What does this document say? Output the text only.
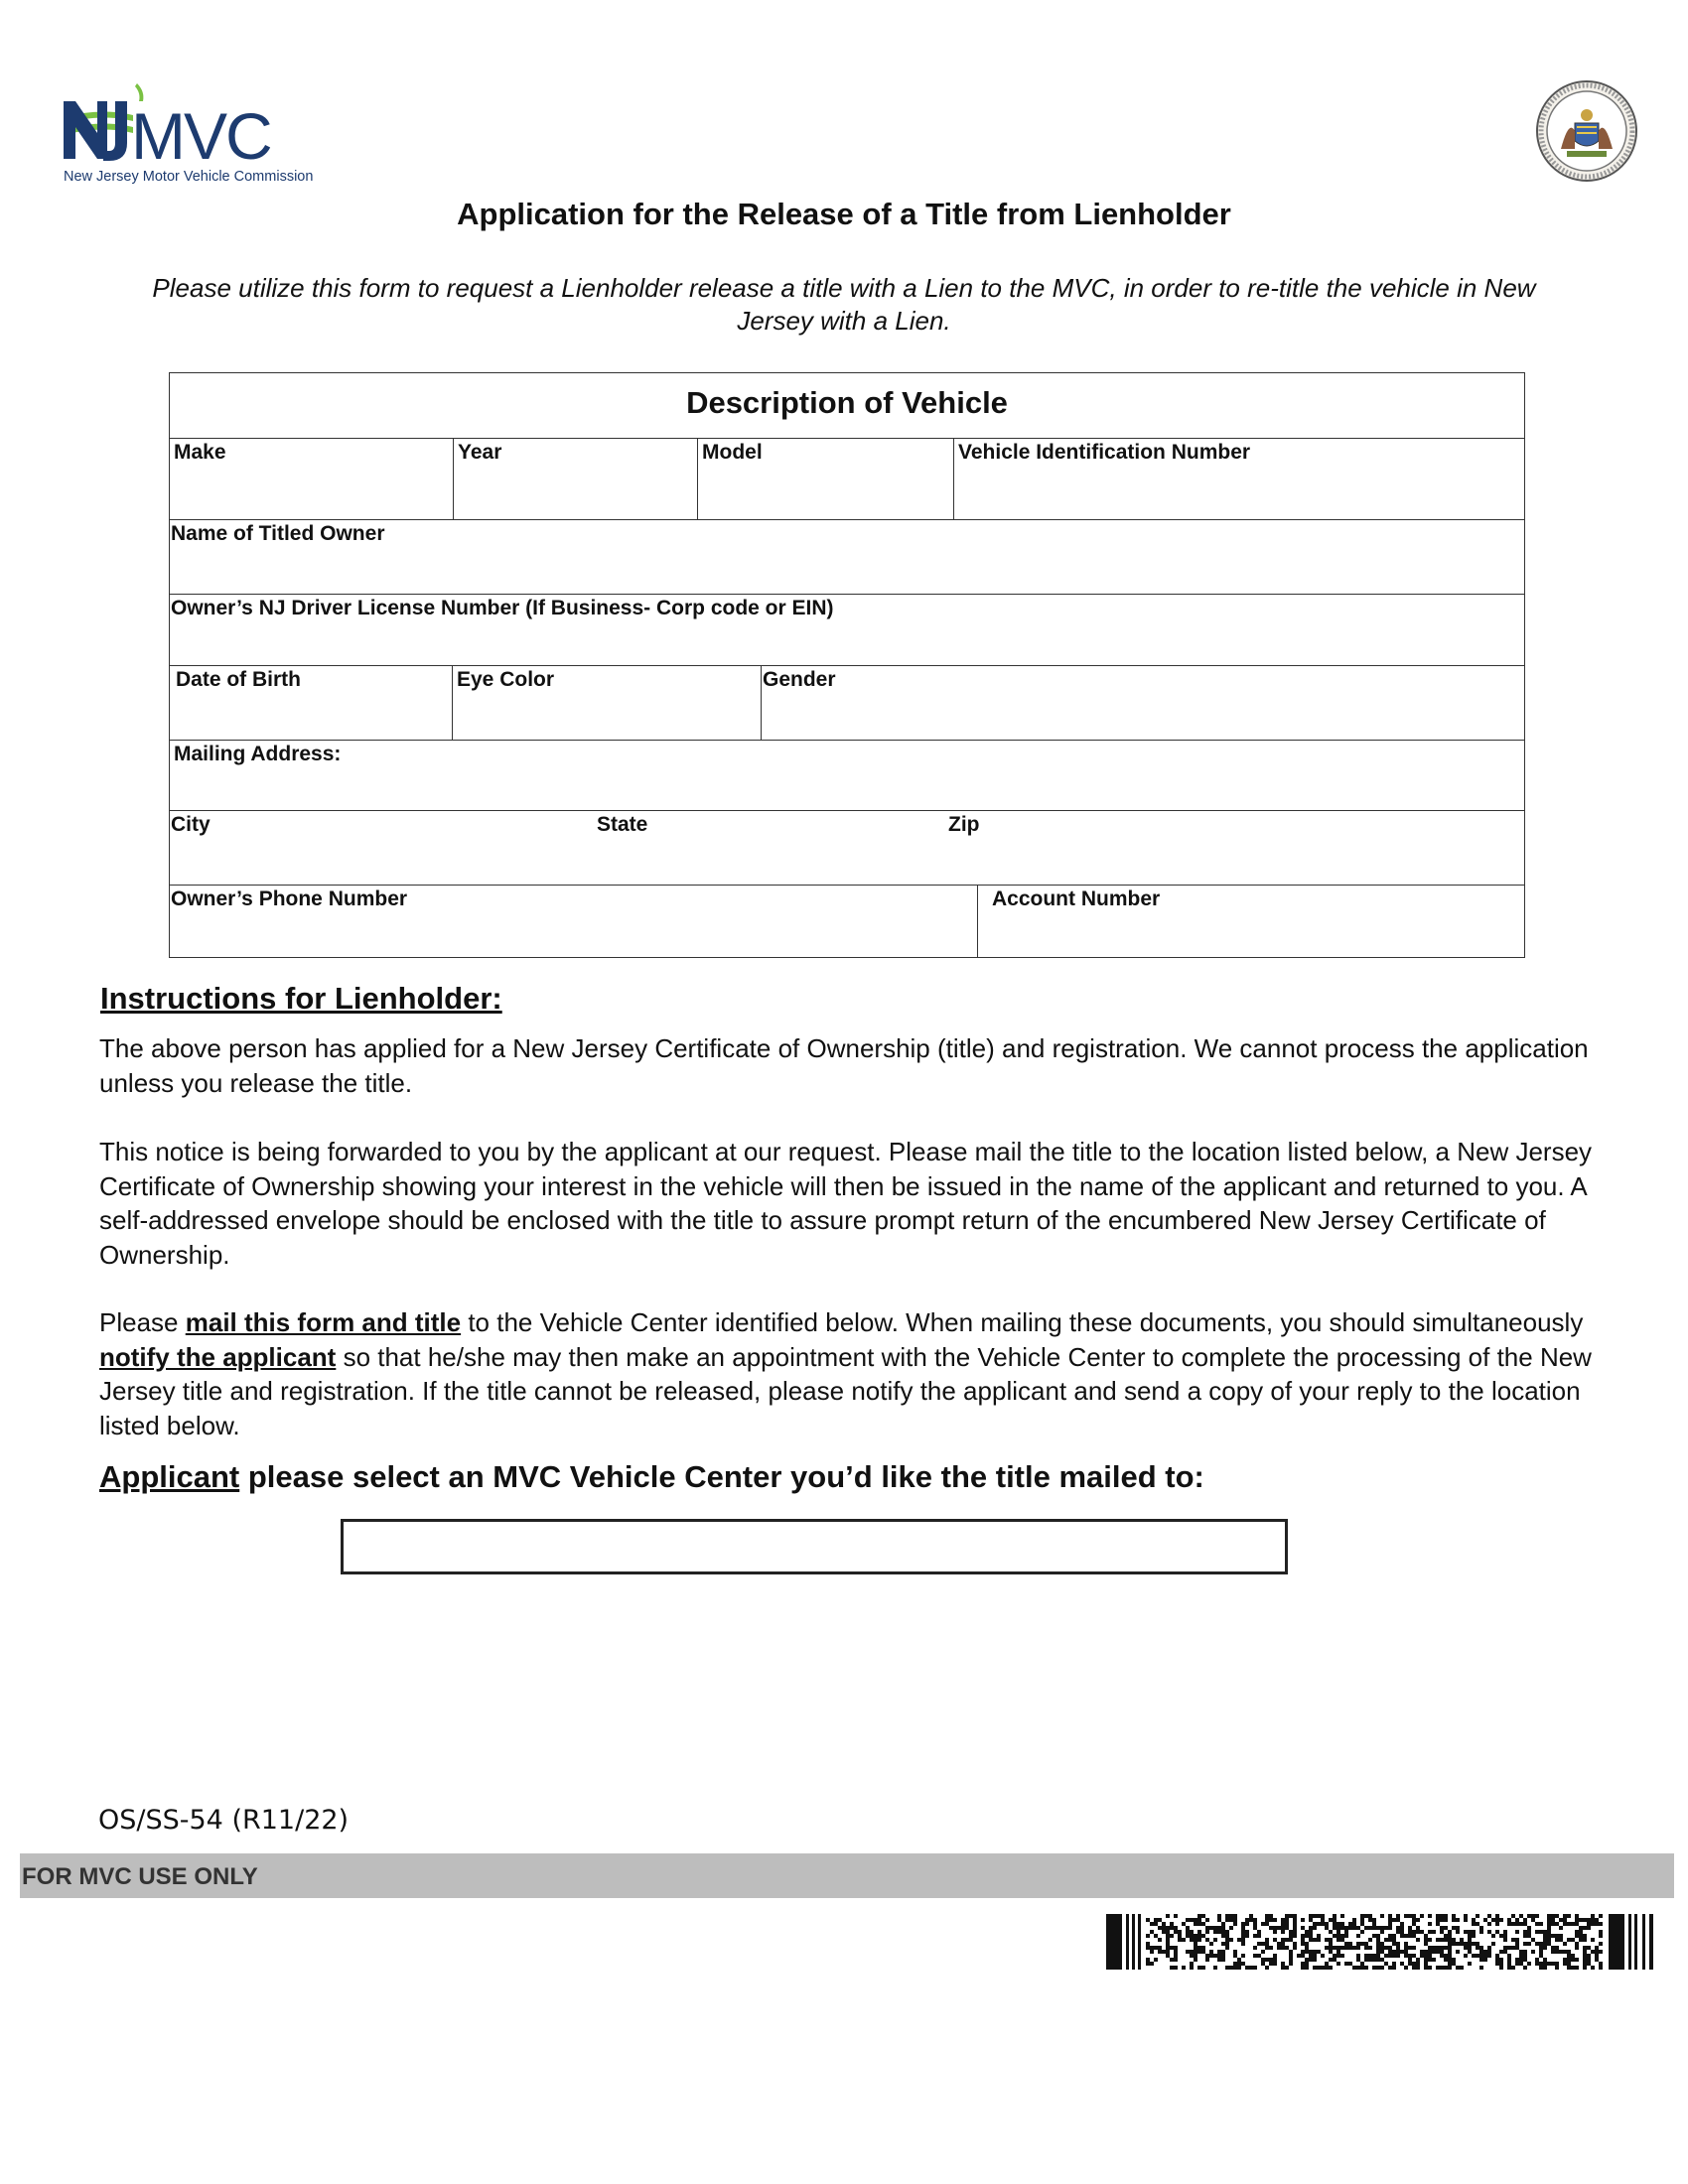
MVC
New Jersey Motor Vehicle Commission
Application for the Release of a Title from Lienholder
Please utilize this form to request a Lienholder release a title with a Lien to the MVC, in order to re-title the vehicle in New Jersey with a Lien.
Description of Vehicle
Make	Year	Model	Vehicle Identification Number
Name of Titled Owner
Owner’s NJ Driver License Number (If Business- Corp code or EIN)
Date of Birth	Eye Color	Gender
Mailing Address:
City	State	Zip
Owner’s Phone Number	Account Number
Instructions for Lienholder:
The above person has applied for a New Jersey Certificate of Ownership (title) and registration. We cannot process the application unless you release the title.
This notice is being forwarded to you by the applicant at our request. Please mail the title to the location listed below, a New Jersey Certificate of Ownership showing your interest in the vehicle will then be issued in the name of the applicant and returned to you. A self-addressed envelope should be enclosed with the title to assure prompt return of the encumbered New Jersey Certificate of Ownership.
Please mail this form and title to the Vehicle Center identified below. When mailing these documents, you should simultaneously notify the applicant so that he/she may then make an appointment with the Vehicle Center to complete the processing of the New Jersey title and registration. If the title cannot be released, please notify the applicant and send a copy of your reply to the location listed below.
Applicant please select an MVC Vehicle Center you’d like the title mailed to:
OS/SS-54 (R11/22)
FOR MVC USE ONLY
